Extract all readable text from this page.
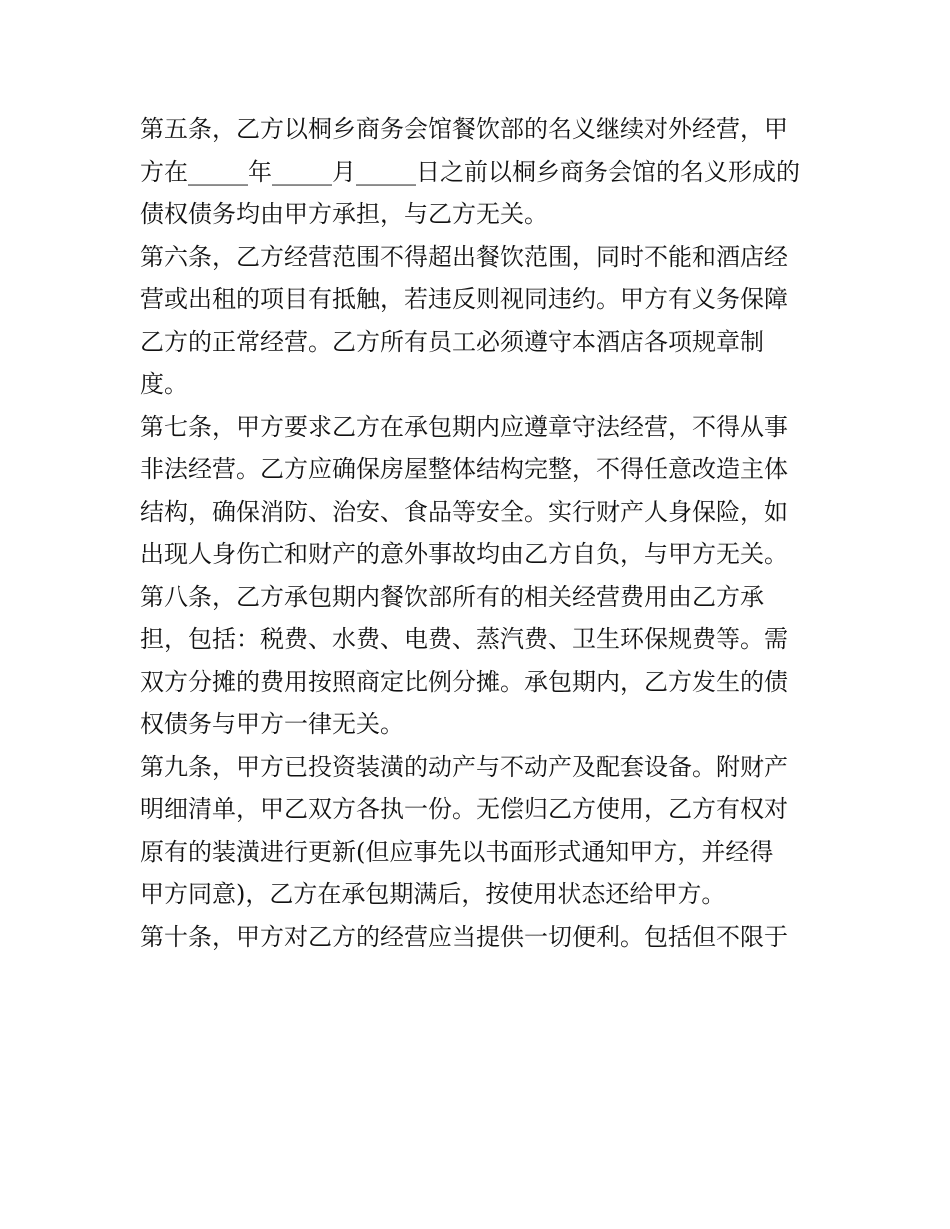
第五条，乙方以桐乡商务会馆餐饮部的名义继续对外经营，甲
方在_____年_____月_____日之前以桐乡商务会馆的名义形成的
债权债务均由甲方承担，与乙方无关。
第六条，乙方经营范围不得超出餐饮范围，同时不能和酒店经
营或出租的项目有抵触，若违反则视同违约。甲方有义务保障
乙方的正常经营。乙方所有员工必须遵守本酒店各项规章制
度。
第七条，甲方要求乙方在承包期内应遵章守法经营，不得从事
非法经营。乙方应确保房屋整体结构完整，不得任意改造主体
结构，确保消防、治安、食品等安全。实行财产人身保险，如
出现人身伤亡和财产的意外事故均由乙方自负，与甲方无关。
第八条，乙方承包期内餐饮部所有的相关经营费用由乙方承
担，包括：税费、水费、电费、蒸汽费、卫生环保规费等。需
双方分摊的费用按照商定比例分摊。承包期内，乙方发生的债
权债务与甲方一律无关。
第九条，甲方已投资装潢的动产与不动产及配套设备。附财产
明细清单，甲乙双方各执一份。无偿归乙方使用，乙方有权对
原有的装潢进行更新(但应事先以书面形式通知甲方，并经得
甲方同意)，乙方在承包期满后，按使用状态还给甲方。
第十条，甲方对乙方的经营应当提供一切便利。包括但不限于
